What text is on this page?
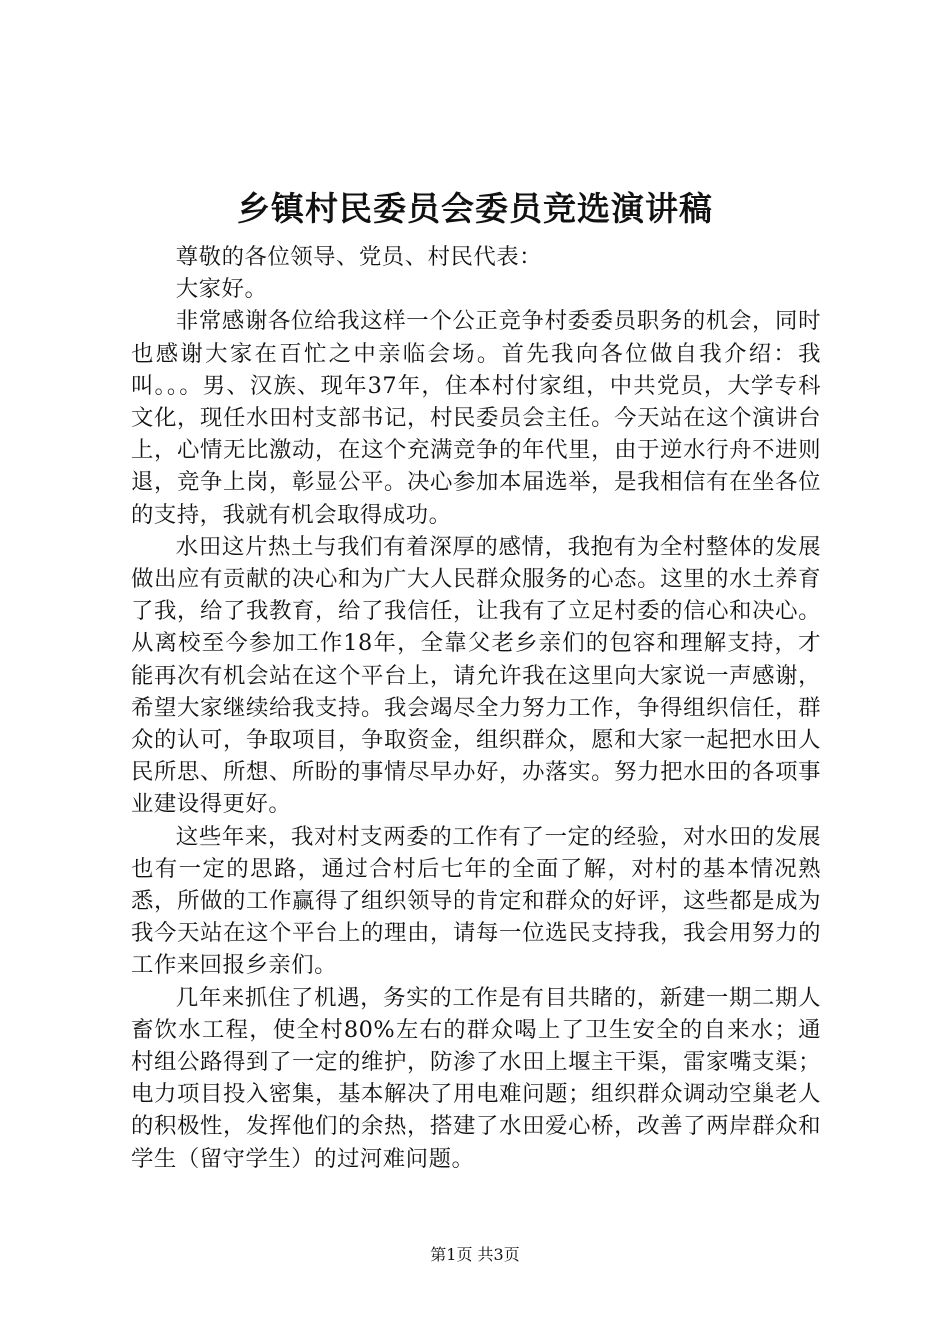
乡镇村民委员会委员竞选演讲稿

尊敬的各位领导、党员、村民代表：

大家好。

非常感谢各位给我这样一个公正竞争村委委员职务的机会，同时也感谢大家在百忙之中亲临会场。首先我向各位做自我介绍：我叫。。。男、汉族、现年37年，住本村付家组，中共党员，大学专科文化，现任水田村支部书记，村民委员会主任。今天站在这个演讲台上，心情无比激动，在这个充满竞争的年代里，由于逆水行舟不进则退，竞争上岗，彰显公平。决心参加本届选举，是我相信有在坐各位的支持，我就有机会取得成功。

水田这片热土与我们有着深厚的感情，我抱有为全村整体的发展做出应有贡献的决心和为广大人民群众服务的心态。这里的水土养育了我，给了我教育，给了我信任，让我有了立足村委的信心和决心。从离校至今参加工作18年，全靠父老乡亲们的包容和理解支持，才能再次有机会站在这个平台上，请允许我在这里向大家说一声感谢，希望大家继续给我支持。我会竭尽全力努力工作，争得组织信任，群众的认可，争取项目，争取资金，组织群众，愿和大家一起把水田人民所思、所想、所盼的事情尽早办好，办落实。努力把水田的各项事业建设得更好。

这些年来，我对村支两委的工作有了一定的经验，对水田的发展也有一定的思路，通过合村后七年的全面了解，对村的基本情况熟悉，所做的工作赢得了组织领导的肯定和群众的好评，这些都是成为我今天站在这个平台上的理由，请每一位选民支持我，我会用努力的工作来回报乡亲们。

几年来抓住了机遇，务实的工作是有目共睹的，新建一期二期人畜饮水工程，使全村80%左右的群众喝上了卫生安全的自来水；通村组公路得到了一定的维护，防渗了水田上堰主干渠，雷家嘴支渠；电力项目投入密集，基本解决了用电难问题；组织群众调动空巢老人的积极性，发挥他们的余热，搭建了水田爱心桥，改善了两岸群众和学生（留守学生）的过河难问题。

第1页 共3页
